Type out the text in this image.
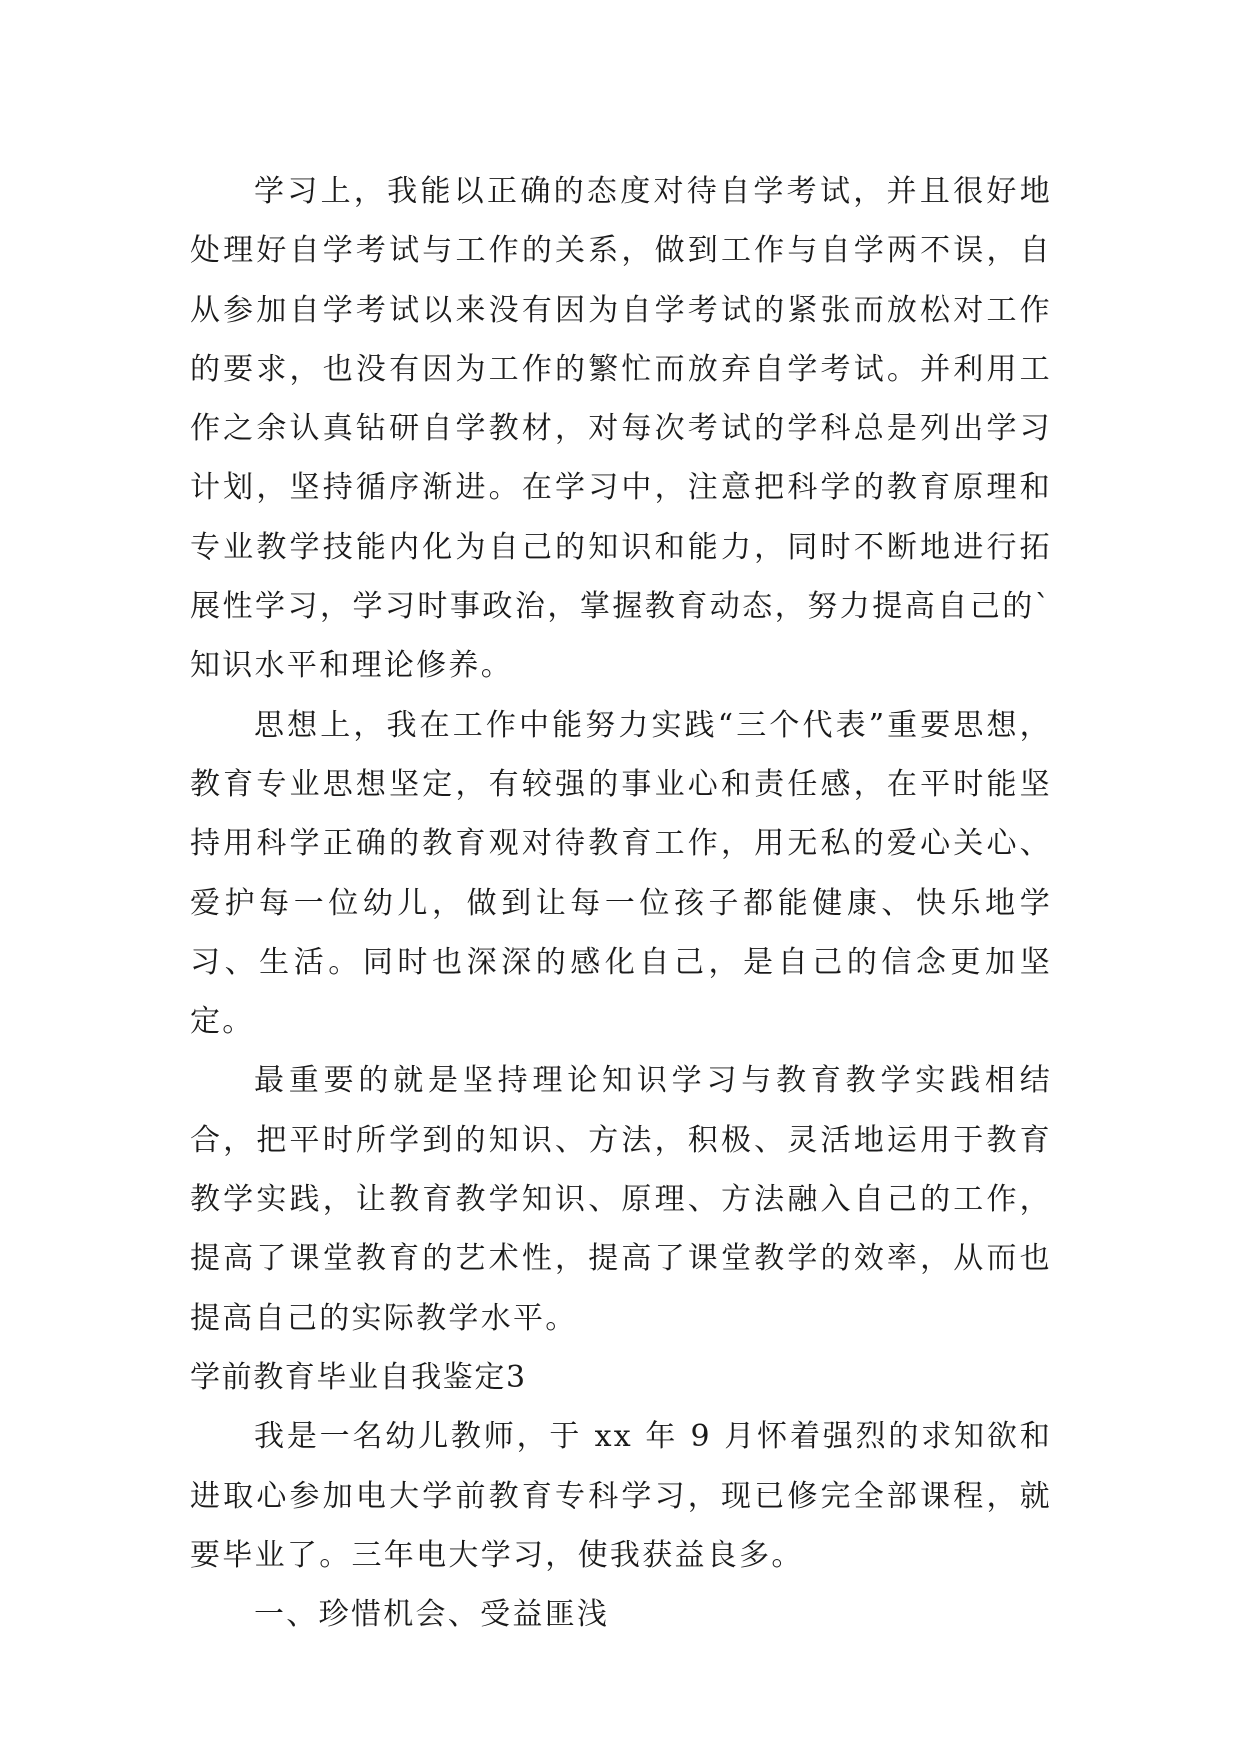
学习上，我能以正确的态度对待自学考试，并且很好地处理好自学考试与工作的关系，做到工作与自学两不误，自从参加自学考试以来没有因为自学考试的紧张而放松对工作的要求，也没有因为工作的繁忙而放弃自学考试。并利用工作之余认真钻研自学教材，对每次考试的学科总是列出学习计划，坚持循序渐进。在学习中，注意把科学的教育原理和专业教学技能内化为自己的知识和能力，同时不断地进行拓展性学习，学习时事政治，掌握教育动态，努力提高自己的`知识水平和理论修养。

思想上，我在工作中能努力实践“三个代表”重要思想，教育专业思想坚定，有较强的事业心和责任感，在平时能坚持用科学正确的教育观对待教育工作，用无私的爱心关心、爱护每一位幼儿，做到让每一位孩子都能健康、快乐地学习、生活。同时也深深的感化自己，是自己的信念更加坚定。

最重要的就是坚持理论知识学习与教育教学实践相结合，把平时所学到的知识、方法，积极、灵活地运用于教育教学实践，让教育教学知识、原理、方法融入自己的工作，提高了课堂教育的艺术性，提高了课堂教学的效率，从而也提高自己的实际教学水平。

学前教育毕业自我鉴定3

我是一名幼儿教师，于 xx 年 9 月怀着强烈的求知欲和进取心参加电大学前教育专科学习，现已修完全部课程，就要毕业了。三年电大学习，使我获益良多。

一、珍惜机会、受益匪浅
